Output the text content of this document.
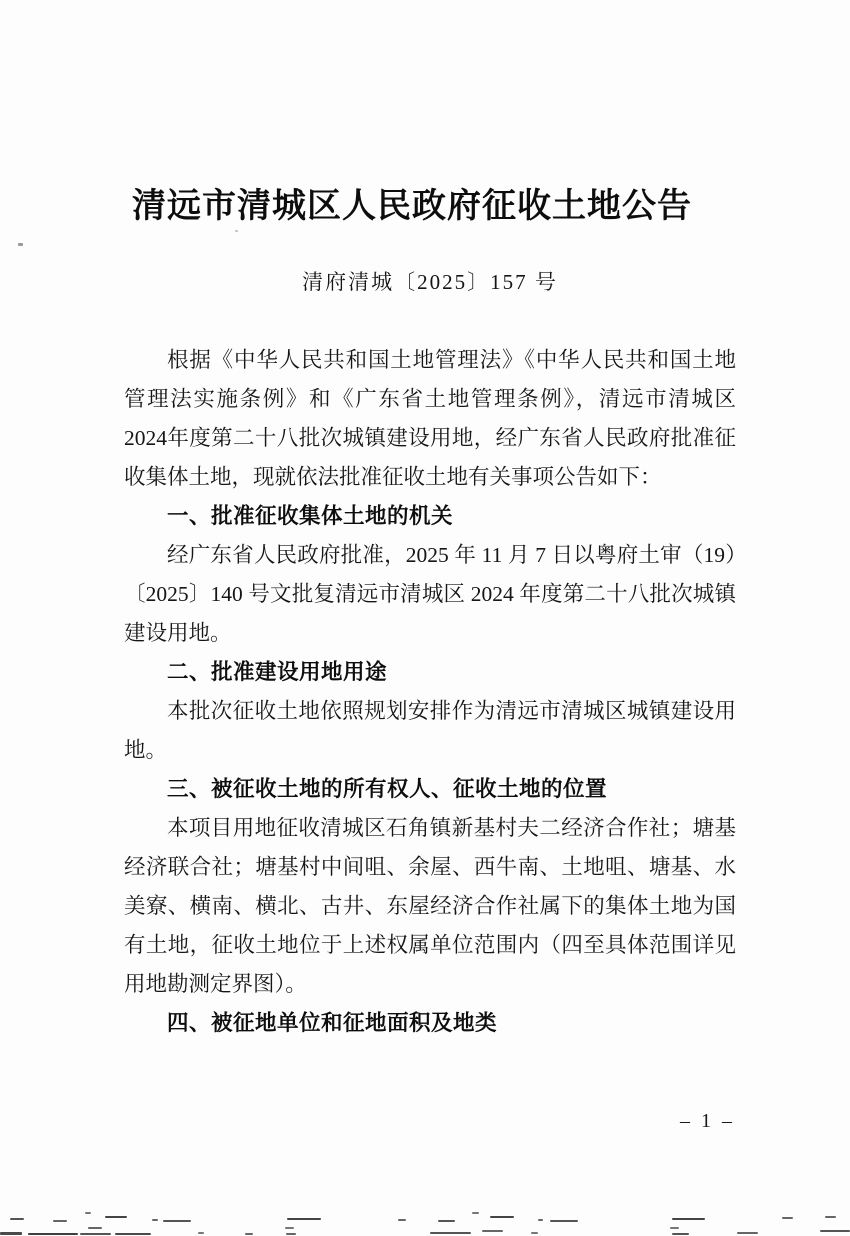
清远市清城区人民政府征收土地公告
清府清城〔2025〕157 号

根据《中华人民共和国土地管理法》《中华人民共和国土地管理法实施条例》和《广东省土地管理条例》，清远市清城区2024年度第二十八批次城镇建设用地，经广东省人民政府批准征收集体土地，现就依法批准征收土地有关事项公告如下：

一、批准征收集体土地的机关

经广东省人民政府批准，2025 年 11 月 7 日以粤府土审（19）〔2025〕140 号文批复清远市清城区 2024 年度第二十八批次城镇建设用地。

二、批准建设用地用途

本批次征收土地依照规划安排作为清远市清城区城镇建设用地。

三、被征收土地的所有权人、征收土地的位置

本项目用地征收清城区石角镇新基村夫二经济合作社；塘基经济联合社；塘基村中间咀、余屋、西牛南、土地咀、塘基、水美寮、横南、横北、古井、东屋经济合作社属下的集体土地为国有土地，征收土地位于上述权属单位范围内（四至具体范围详见用地勘测定界图）。

四、被征地单位和征地面积及地类

– 1 –
